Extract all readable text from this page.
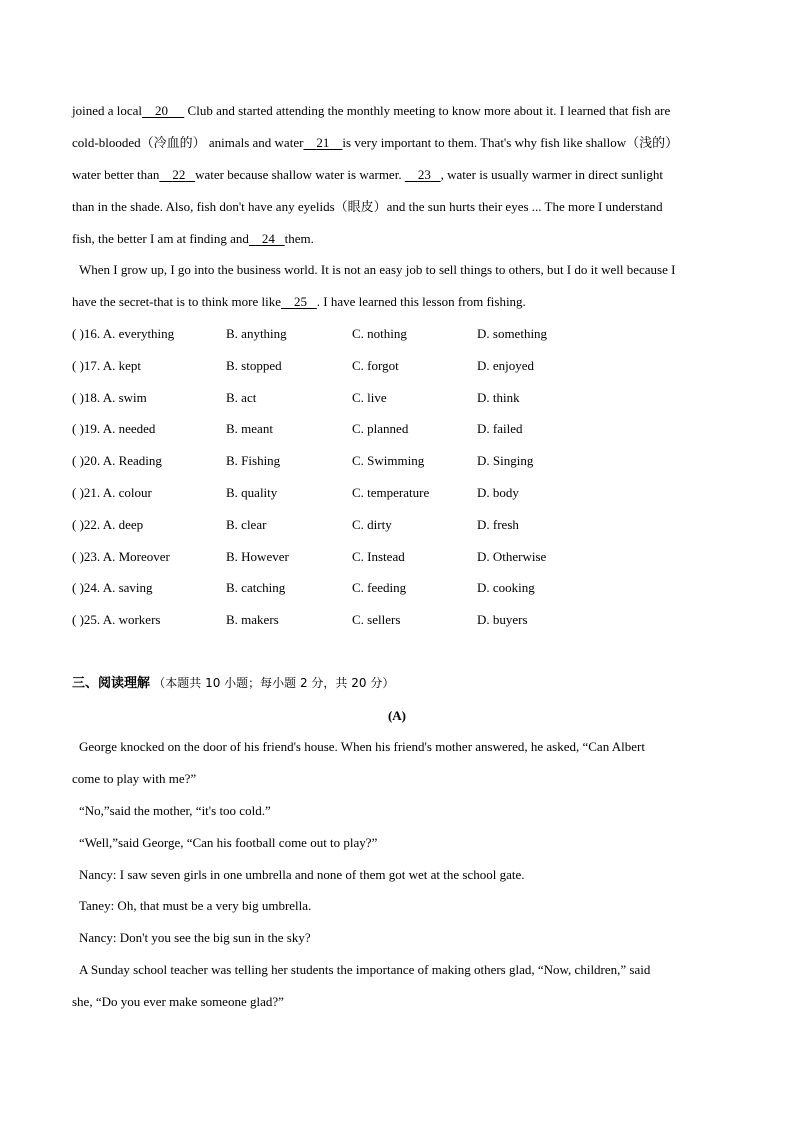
joined a local 20      Club and started attending the monthly meeting to know more about it. I learned that fish are
cold-blooded（冷血的） animals and water 21 is very important to them. That's why fish like shallow（浅的）
water better than 22 water because shallow water is warmer.     23 , water is usually warmer in direct sunlight
than in the shade. Also, fish don't have any eyelids（眼皮）and the sun hurts their eyes ... The more I understand
fish, the better I am at finding and 24 them.
When I grow up, I go into the business world. It is not an easy job to sell things to others, but I do it well because I
have the secret-that is to think more like 25 . I have learned this lesson from fishing.
( )16. A. everything	B. anything	C. nothing	D. something
( )17. A. kept	B. stopped	C. forgot	D. enjoyed
( )18. A. swim	B. act	C. live	D. think
( )19. A. needed	B. meant	C. planned	D. failed
( )20. A. Reading	B. Fishing	C. Swimming	D. Singing
( )21. A. colour	B. quality	C. temperature	D. body
( )22. A. deep	B. clear	C. dirty	D. fresh
( )23. A. Moreover	B. However	C. Instead	D. Otherwise
( )24. A. saving	B. catching	C. feeding	D. cooking
( )25. A. workers	B. makers	C. sellers	D. buyers
三、阅读理解 （本题共 10 小题；每小题 2 分，共 20 分）
(A)
George knocked on the door of his friend's house. When his friend's mother answered, he asked, “Can Albert
come to play with me?”
“No,”said the mother, “it's too cold.”
“Well,”said George, “Can his football come out to play?”
Nancy: I saw seven girls in one umbrella and none of them got wet at the school gate.
Taney: Oh, that must be a very big umbrella.
Nancy: Don't you see the big sun in the sky?
A Sunday school teacher was telling her students the importance of making others glad, “Now, children,” said
she, “Do you ever make someone glad?”
